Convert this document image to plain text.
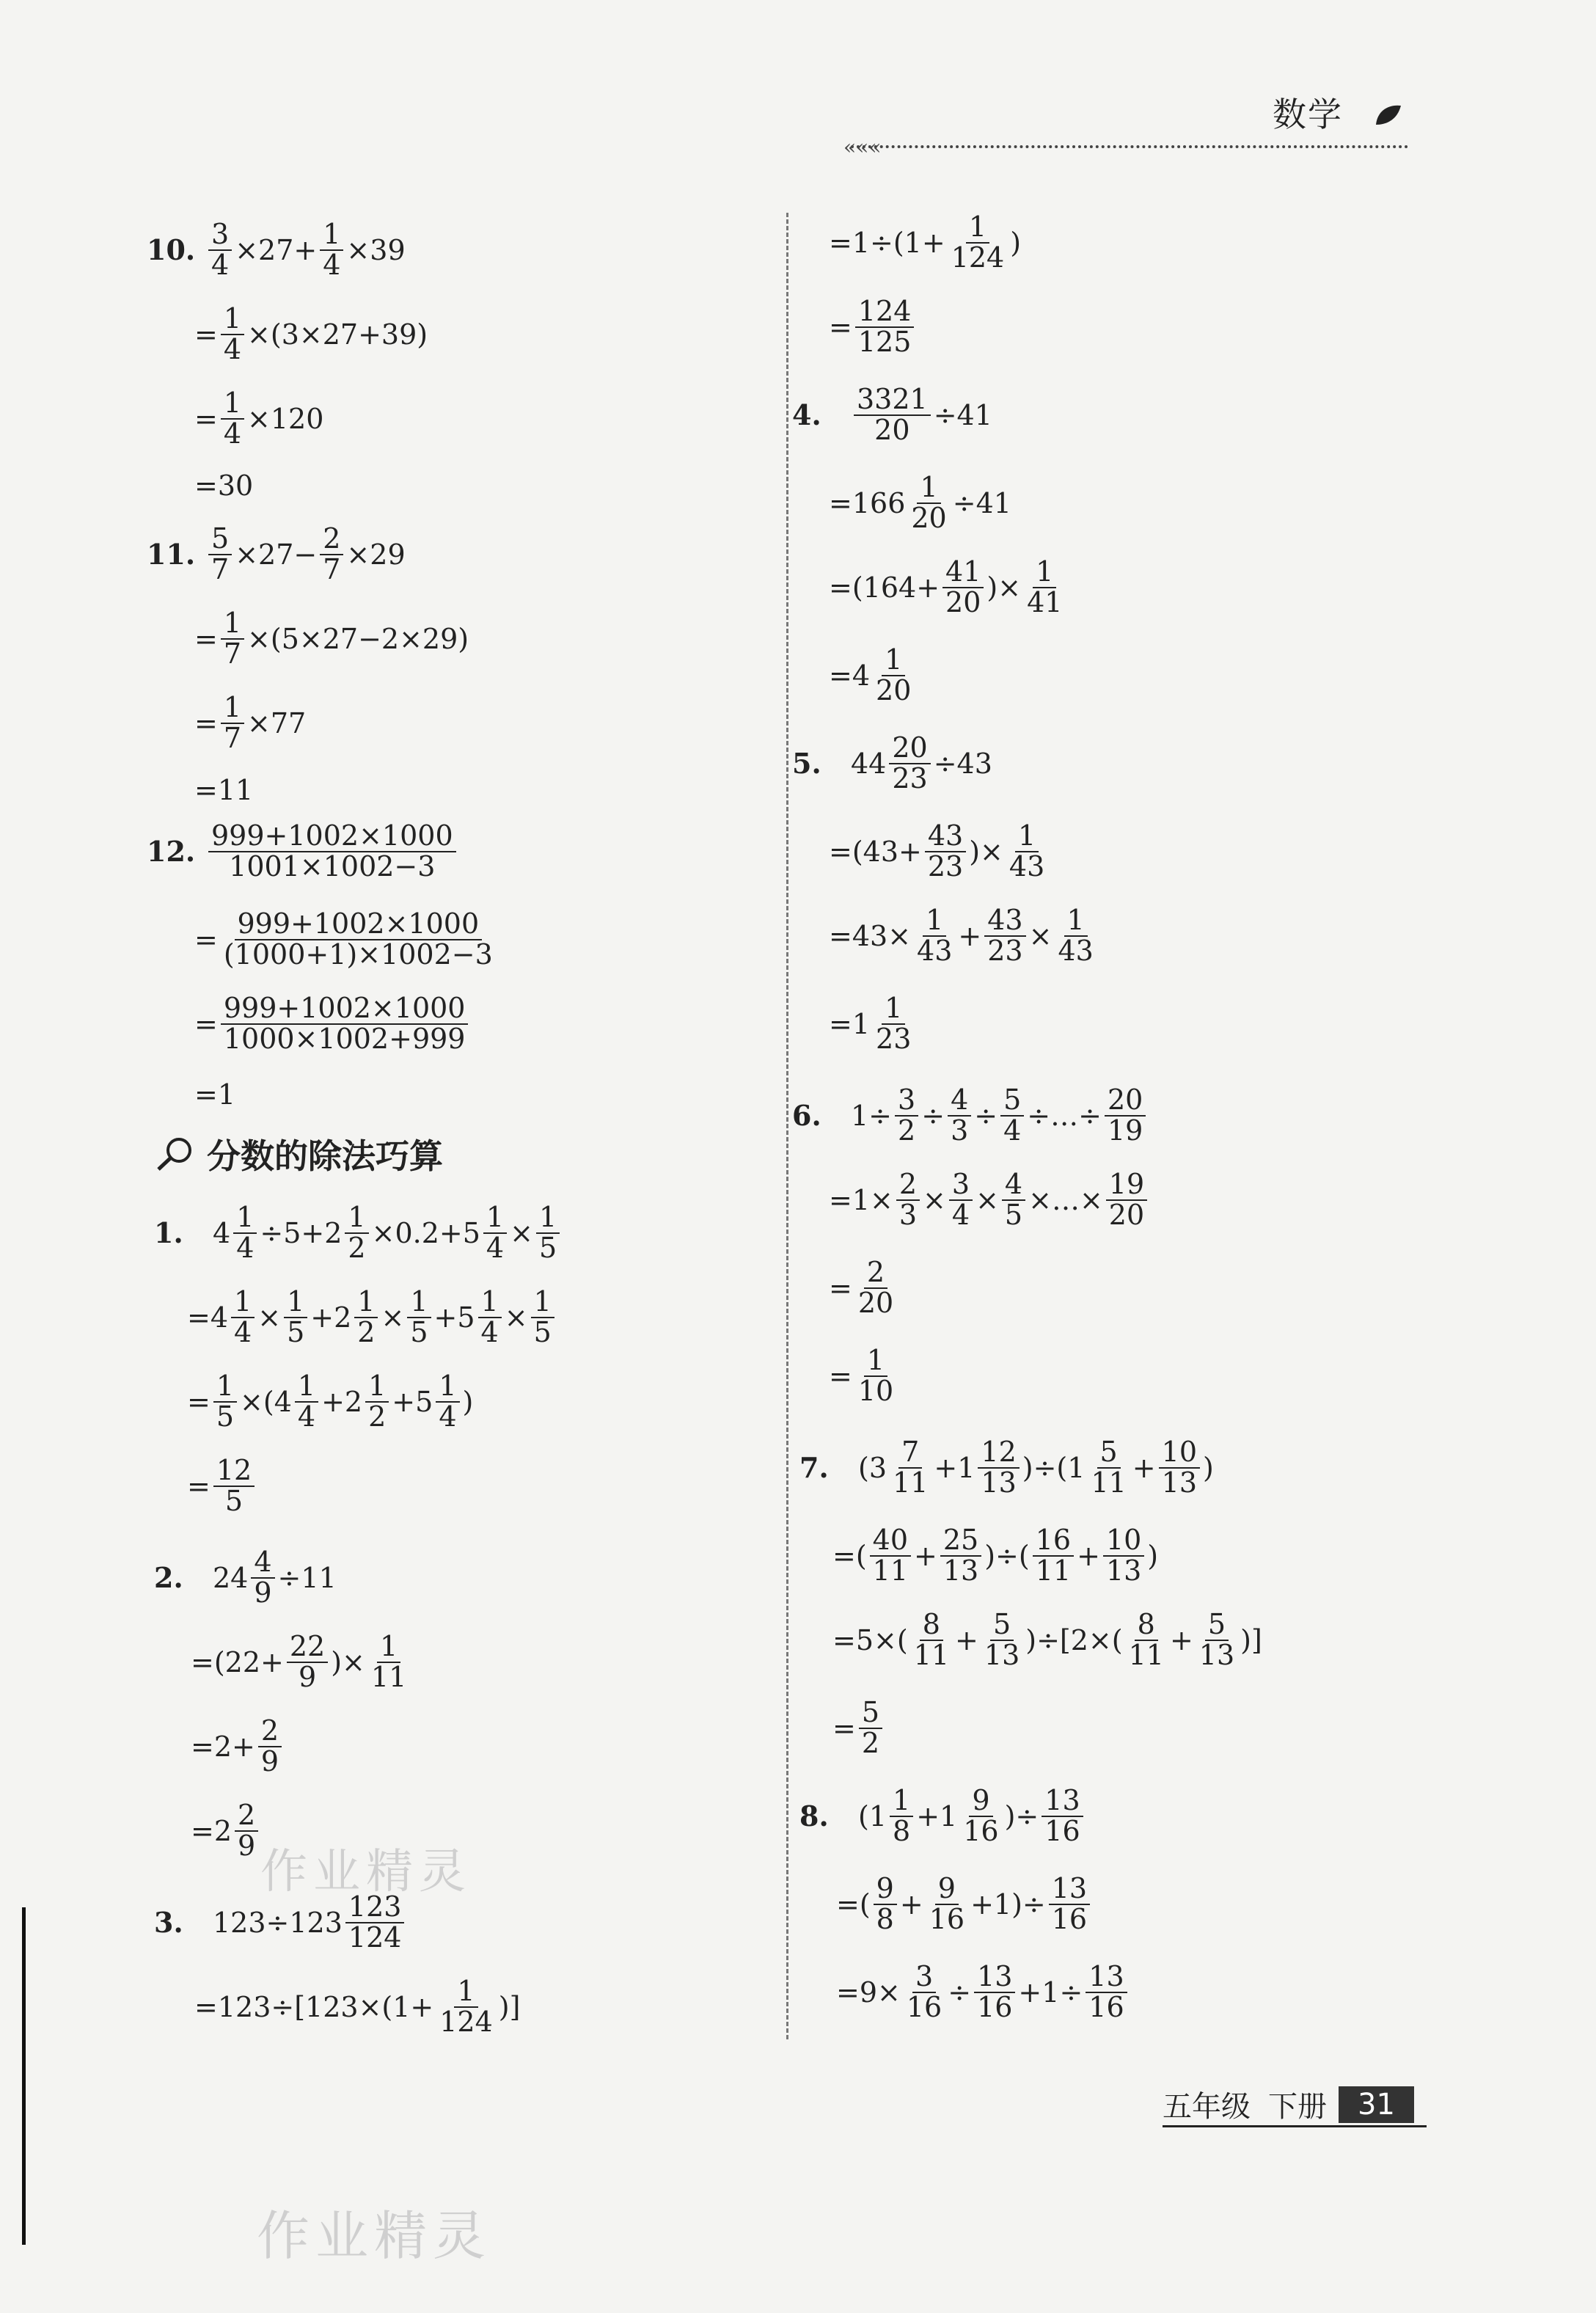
数学
«««
10. $\frac{3}{4} \times 27+ \frac{1}{4} \times 39$
= $\frac{1}{4} \times(3\times 27+39)$
= $\frac{1}{4} \times 120$
=30
11. $\frac{5}{7} \times 27- \frac{2}{7} \times 29$
= $\frac{1}{7} \times(5\times 27-2\times 29)$
= $\frac{1}{7} \times 77$
=11
12. $\frac{999+1002\times 1000}{1001\times 1002-3}$
= $\frac{999+1002\times 1000}{(1000+1)\times 1002-3}$
= $\frac{999+1002\times 1000}{1000\times 1002+999}$
=1
分数的除法巧算
1.	$4 \frac{1}{4} \div 5+2 \frac{1}{2} \times 0.2+5 \frac{1}{4} \times \frac{1}{5}$
$=4 \frac{1}{4} \times \frac{1}{5} +2 \frac{1}{2} \times \frac{1}{5} +5 \frac{1}{4} \times \frac{1}{5}$
= $\frac{1}{5} \times(4 \frac{1}{4} +2 \frac{1}{2} +5 \frac{1}{4}$ )
= $\frac{12}{5}$
2.	$24 \frac{4}{9} \div 11$
$=(22+ \frac{22}{9}$ )× $\frac{1}{11}$
$=2+ \frac{2}{9}$
$=2 \frac{2}{9}$
3.	$123\div 123 \frac{123}{124}$
$=123\div[123\times(1+ \frac{1}{124}$ )]
$=1\div(1+ \frac{1}{124}$ )
= $\frac{124}{125}$
4.	$\frac{3321}{20} \div 41$
$=166 \frac{1}{20} \div 41$
$=(164+ \frac{41}{20}$ )× $\frac{1}{41}$
$=4 \frac{1}{20}$
5.	$44 \frac{20}{23} \div 43$
$=(43+ \frac{43}{23}$ )× $\frac{1}{43}$
$=43\times \frac{1}{43} + \frac{43}{23} \times \frac{1}{43}$
$=1 \frac{1}{23}$
6.	$1\div \frac{3}{2} \div \frac{4}{3} \div \frac{5}{4}$ ÷…÷ $\frac{20}{19}$
$=1\times \frac{2}{3} \times \frac{3}{4} \times \frac{4}{5}$ ×…× $\frac{19}{20}$
= $\frac{2}{20}$
= $\frac{1}{10}$
7.	$(3 \frac{7}{11} +1 \frac{12}{13} )\div(1 \frac{5}{11} + \frac{10}{13}$ )
=( $\frac{40}{11} + \frac{25}{13}$ )÷( $\frac{16}{11} + \frac{10}{13}$ )
$=5\times( \frac{8}{11} + \frac{5}{13} )\div[2\times( \frac{8}{11} + \frac{5}{13}$ )]
= $\frac{5}{2}$
8.	($1 \frac{1}{8} +1 \frac{9}{16}$ )÷ $\frac{13}{16}$
=( $\frac{9}{8} + \frac{9}{16} +1)\div \frac{13}{16}$
$=9\times \frac{3}{16} \div \frac{13}{16} +1\div \frac{13}{16}$
五年级 下册	31
作业精灵
作业精灵
